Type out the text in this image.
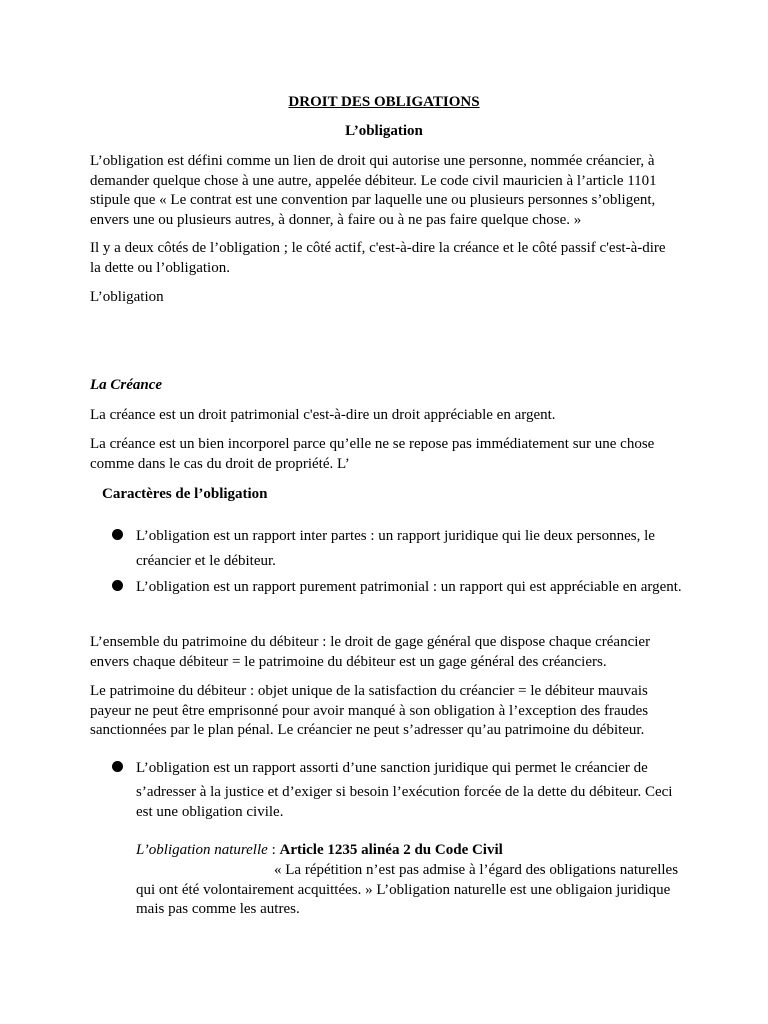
DROIT DES OBLIGATIONS
L’obligation

L’obligation est défini comme un lien de droit qui autorise une personne, nommée créancier, à demander quelque chose à une autre, appelée débiteur. Le code civil mauricien à l’article 1101 stipule que « Le contrat est une convention par laquelle une ou plusieurs personnes s’obligent, envers une ou plusieurs autres, à donner, à faire ou à ne pas faire quelque chose. »

Il y a deux côtés de l’obligation ; le côté actif, c'est-à-dire la créance et le côté passif c'est-à-dire la dette ou l’obligation.

L’obligation

La Créance

La créance est un droit patrimonial c'est-à-dire un droit appréciable en argent.

La créance est un bien incorporel parce qu’elle ne se repose pas immédiatement sur une chose comme dans le cas du droit de propriété. L’

Caractères de l’obligation
L’obligation est un rapport inter partes : un rapport juridique qui lie deux personnes, le créancier et le débiteur.
L’obligation est un rapport purement patrimonial : un rapport qui est appréciable en argent.

L’ensemble du patrimoine du débiteur : le droit de gage général que dispose chaque créancier envers chaque débiteur = le patrimoine du débiteur est un gage général des créanciers.

Le patrimoine du débiteur : objet unique de la satisfaction du créancier = le débiteur mauvais payeur ne peut être emprisonné pour avoir manqué à son obligation à l’exception des fraudes sanctionnées par le plan pénal. Le créancier ne peut s’adresser qu’au patrimoine du débiteur.

L’obligation est un rapport assorti d’une sanction juridique qui permet le créancier de

s’adresser à la justice et d’exiger si besoin l’exécution forcée de la dette du débiteur. Ceci est une obligation civile.

L’obligation naturelle : Article 1235 alinéa 2 du Code Civil

« La répétition n’est pas admise à l’égard des obligations naturelles qui ont été volontairement acquittées. » L’obligation naturelle est une obligaion juridique mais pas comme les autres.
